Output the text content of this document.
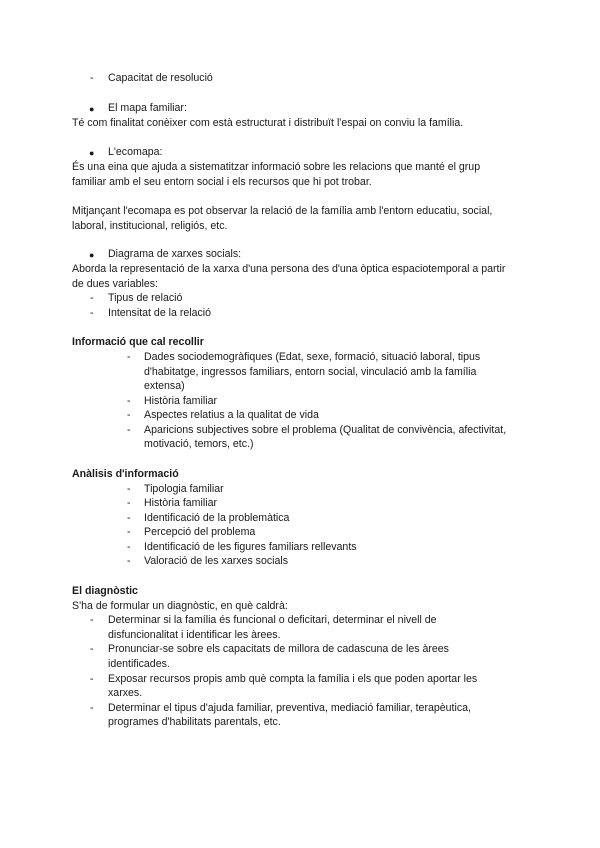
-	Capacitat de resolució
●	El mapa familiar:
Té com finalitat conèixer com està estructurat i distribuït l'espai on conviu la família.
●	L'ecomapa:
És una eina que ajuda a sistematitzar informació sobre les relacions que manté el grup
familiar amb el seu entorn social i els recursos que hi pot trobar.
Mitjançant l'ecomapa es pot observar la relació de la família amb l'entorn educatiu, social,
laboral, institucional, religiós, etc.
●	Diagrama de xarxes socials:
Aborda la representació de la xarxa d'una persona des d'una òptica espaciotemporal a partir
de dues variables:
-	Tipus de relació
-	Intensitat de la relació
Informació que cal recollir
-	Dades sociodemogràfiques (Edat, sexe, formació, situació laboral, tipus
d'habitatge, ingressos familiars, entorn social, vinculació amb la família
extensa)
-	Història familiar
-	Aspectes relatius a la qualitat de vida
-	Aparicions subjectives sobre el problema (Qualitat de convivència, afectivitat,
motivació, temors, etc.)
Anàlisis d'informació
-	Tipologia familiar
-	Història familiar
-	Identificació de la problemàtica
-	Percepció del problema
-	Identificació de les figures familiars rellevants
-	Valoració de les xarxes socials
El diagnòstic
S'ha de formular un diagnòstic, en què caldrà:
-	Determinar si la família és funcional o deficitari, determinar el nivell de
disfuncionalitat i identificar les àrees.
-	Pronunciar-se sobre els capacitats de millora de cadascuna de les àrees
identificades.
-	Exposar recursos propis amb què compta la família i els que poden aportar les
xarxes.
-	Determinar el tipus d'ajuda familiar, preventiva, mediació familiar, terapèutica,
programes d'habilitats parentals, etc.
